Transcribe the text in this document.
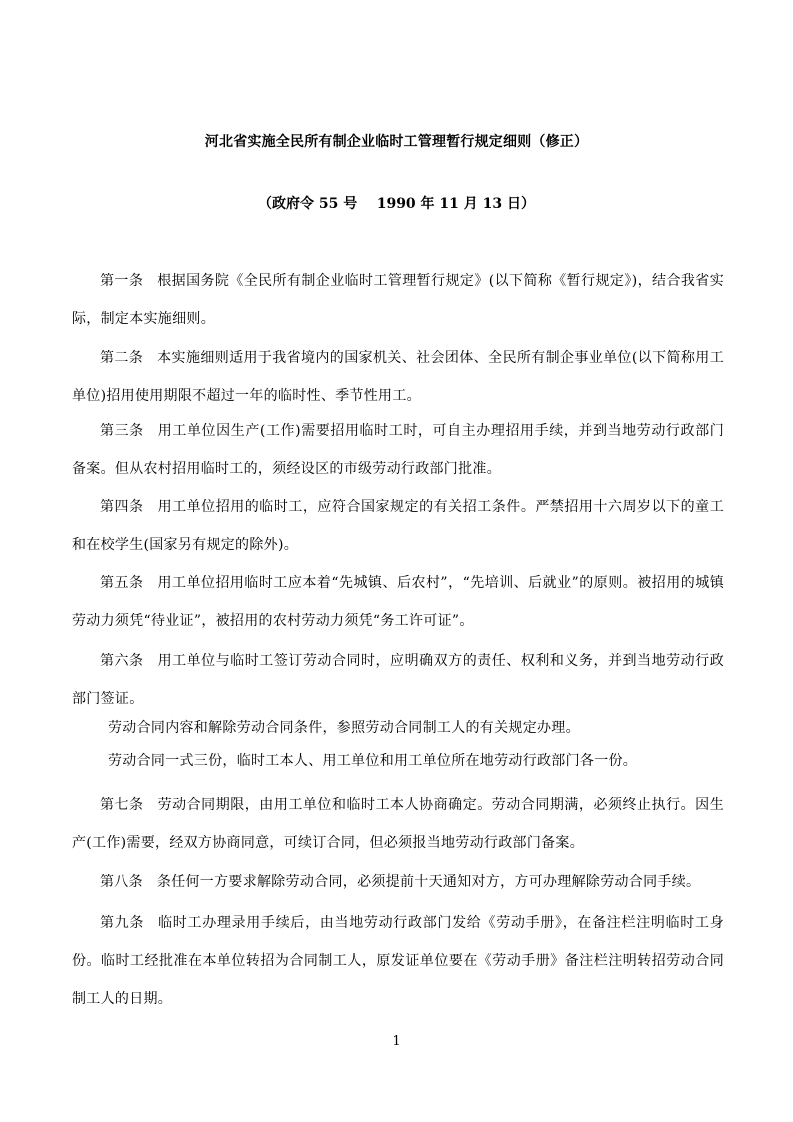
河北省实施全民所有制企业临时工管理暂行规定细则（修正）
（政府令 55 号    1990 年 11 月 13 日）
第一条 根据国务院《全民所有制企业临时工管理暂行规定》(以下简称《暂行规定》)，结合我省实际，制定本实施细则。
第二条 本实施细则适用于我省境内的国家机关、社会团体、全民所有制企事业单位(以下简称用工单位)招用使用期限不超过一年的临时性、季节性用工。
第三条 用工单位因生产(工作)需要招用临时工时，可自主办理招用手续，并到当地劳动行政部门备案。但从农村招用临时工的，须经设区的市级劳动行政部门批准。
第四条 用工单位招用的临时工，应符合国家规定的有关招工条件。严禁招用十六周岁以下的童工和在校学生(国家另有规定的除外)。
第五条 用工单位招用临时工应本着“先城镇、后农村”，“先培训、后就业”的原则。被招用的城镇劳动力须凭“待业证”，被招用的农村劳动力须凭“务工许可证”。
第六条 用工单位与临时工签订劳动合同时，应明确双方的责任、权利和义务，并到当地劳动行政部门签证。
劳动合同内容和解除劳动合同条件，参照劳动合同制工人的有关规定办理。
劳动合同一式三份，临时工本人、用工单位和用工单位所在地劳动行政部门各一份。
第七条 劳动合同期限，由用工单位和临时工本人协商确定。劳动合同期满，必须终止执行。因生产(工作)需要，经双方协商同意，可续订合同，但必须报当地劳动行政部门备案。
第八条 条任何一方要求解除劳动合同，必须提前十天通知对方，方可办理解除劳动合同手续。
第九条 临时工办理录用手续后，由当地劳动行政部门发给《劳动手册》，在备注栏注明临时工身份。临时工经批准在本单位转招为合同制工人，原发证单位要在《劳动手册》备注栏注明转招劳动合同制工人的日期。
1
